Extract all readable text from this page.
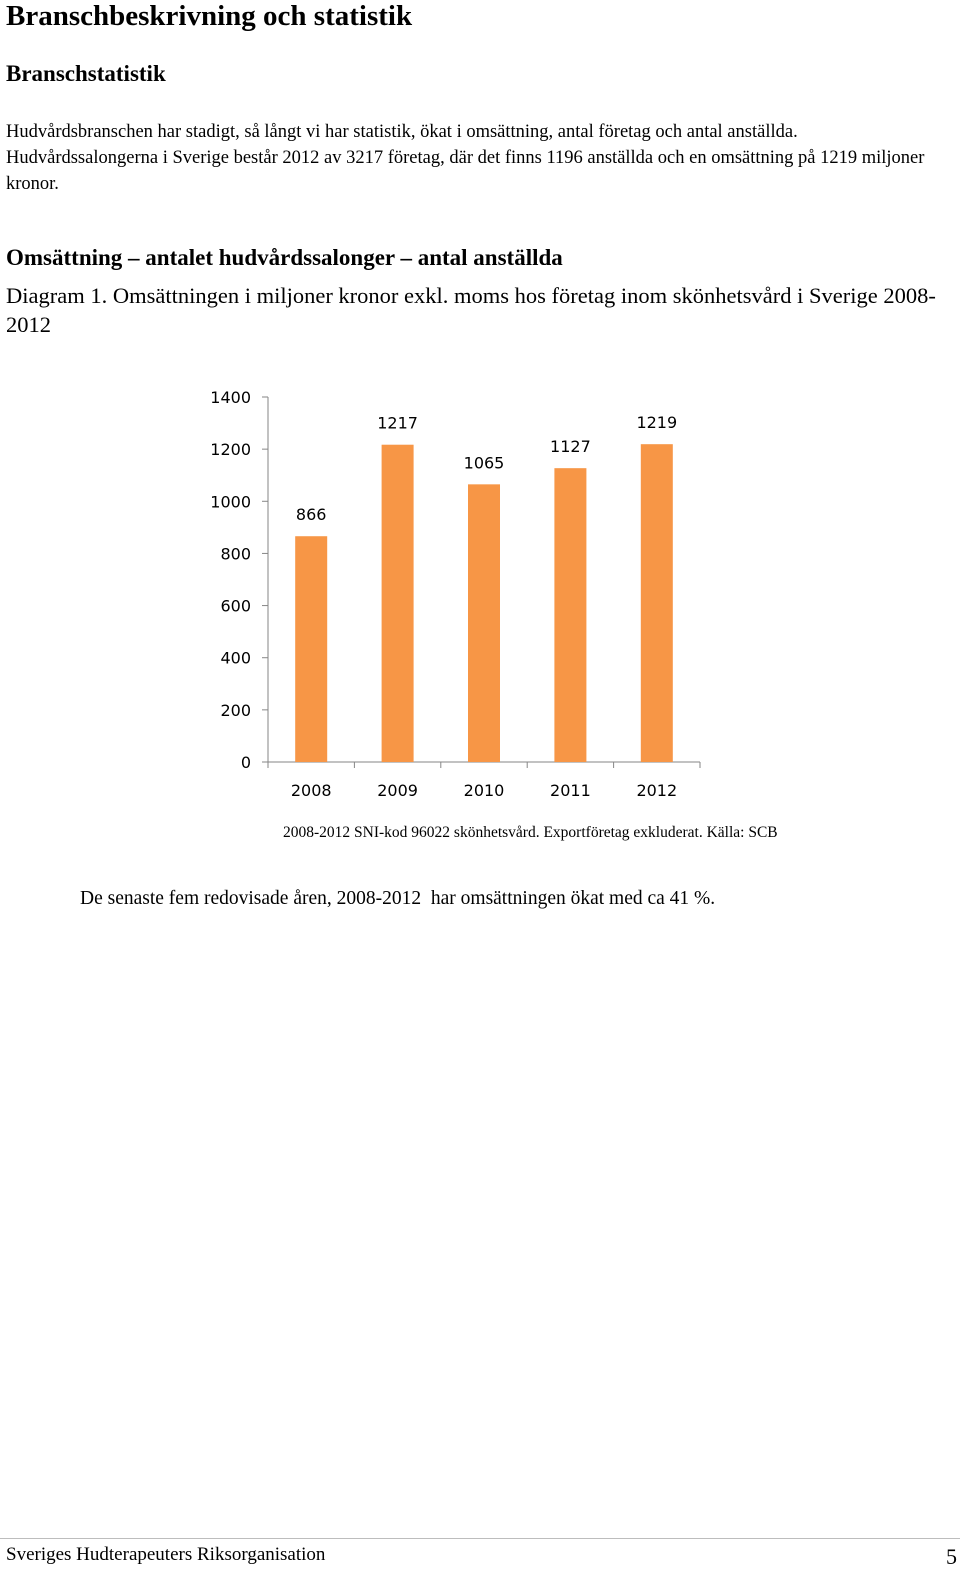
Branschbeskrivning och statistik
Branschstatistik

Hudvårdsbranschen har stadigt, så långt vi har statistik, ökat i omsättning, antal företag och antal anställda.

Hudvårdssalongerna i Sverige består 2012 av 3217 företag, där det finns 1196 anställda och en omsättning på 1219 miljoner kronor.

Omsättning – antalet hudvårdssalonger – antal anställda
Diagram 1. Omsättningen i miljoner kronor exkl. moms hos företag inom skönhetsvård i Sverige 2008-2012
0
200
400
600
800
1000
1200
1400
2008	2009	2010	2011	2012
866
1217
1065
1127
1219
2008-2012 SNI-kod 96022 skönhetsvård. Exportföretag exkluderat. Källa: SCB
De senaste fem redovisade åren, 2008-2012  har omsättningen ökat med ca 41 %.
Sveriges Hudterapeuters Riksorganisation	5
